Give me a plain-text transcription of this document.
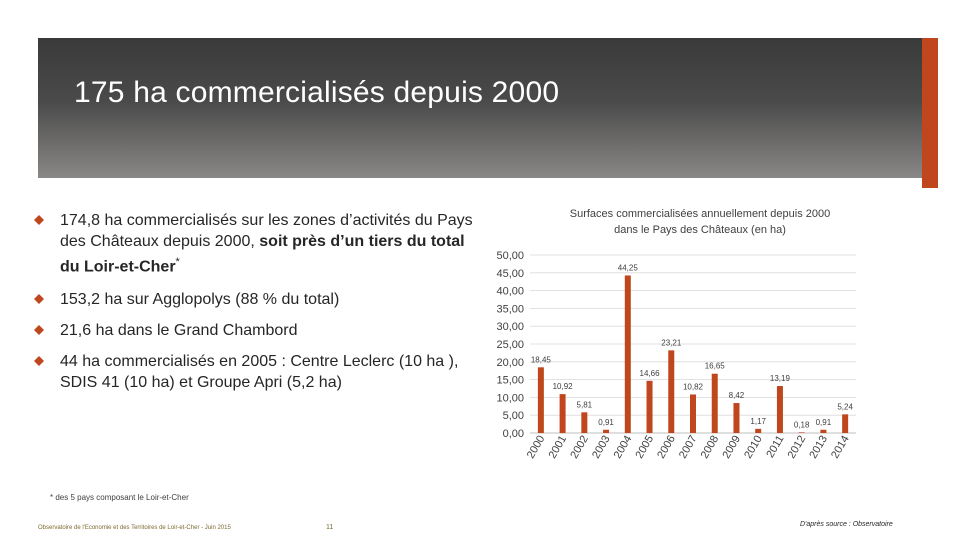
175 ha commercialisés depuis 2000
174,8 ha commercialisés sur les zones d’activités du Pays des Châteaux depuis 2000, soit près d’un tiers du total du Loir-et-Cher*
153,2 ha sur Agglopolys (88 % du total)
21,6 ha dans le Grand Chambord
44 ha commercialisés en 2005 : Centre Leclerc (10 ha ), SDIS 41 (10 ha) et Groupe Apri (5,2 ha)
Surfaces commercialisées annuellement depuis 2000
dans le Pays des Châteaux (en ha)
0,00
5,00
10,00
15,00
20,00
25,00
30,00
35,00
40,00
45,00
50,00
18,45
2000
10,92
2001
5,81
2002
0,91
2003
44,25
2004
14,66
2005
23,21
2006
10,82
2007
16,65
2008
8,42
2009
1,17
2010
13,19
2011
0,18
2012
0,91
2013
5,24
2014
* des 5 pays composant le Loir-et-Cher
Observatoire de l'Economie et des Territoires de Loir-et-Cher - Juin 2015	11	D'après source : Observatoire
